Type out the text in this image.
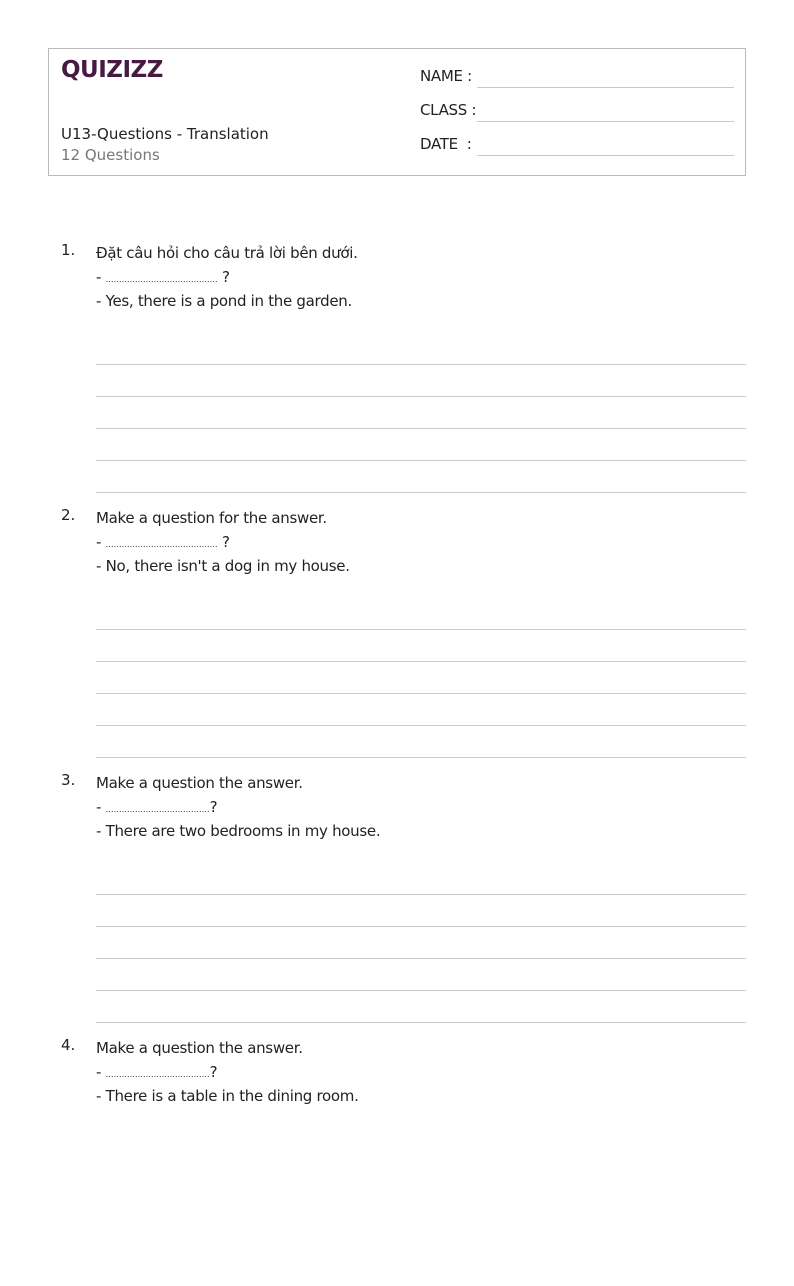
QUIZIZZ
U13-Questions - Translation
12 Questions
NAME :
CLASS :
DATE  :
1. Đặt câu hỏi cho câu trả lời bên dưới.
- …………………………………… ?
- Yes, there is a pond in the garden.
2. Make a question for the answer.
- …………………………………… ?
- No, there isn't a dog in my house.
3. Make a question the answer.
- …………………………………?
- There are two bedrooms in my house.
4. Make a question the answer.
- …………………………………?
- There is a table in the dining room.
